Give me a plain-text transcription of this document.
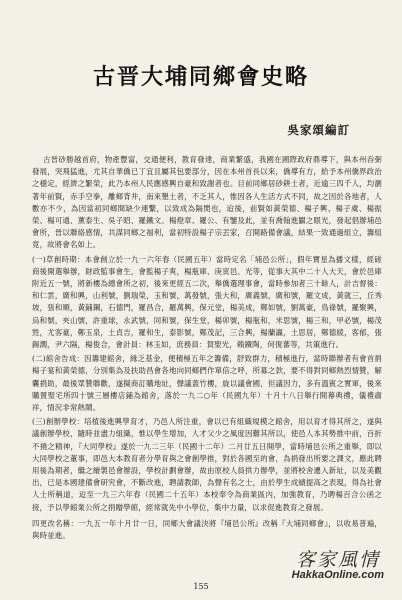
古晋大埔同鄉會史略
吳家頌編訂

古晉砂勝越首府，物產豐富，交通便利，教育發達，商業繁盛，我國在國際政府鼎導下，與本州吞弼發展，突飛猛進，尤其自華僑已丁宜且屬其包要部分，因在本州首長以來，僑導有方，給予本州僑界政治之穩定，經濟之繁榮，此乃本州人民應感興自豪和致謝者也。目前同鄉居砂耕土者，近逾三四千人，均瀏著年前賢，赤手空拳，離鄉背井，南來墾土者，不乏其人，惟因各人生活方式不同，故之因於各地者，人數亦不少，為因當初同鄉間缺少連繫，以致成為隔閡也，迨後，前賢如黃榮德、楊子興、楊子虞、楊振榮、楊可通、薰泰生、吳子昭、羅鐵文、楊燈章、羅公、有鑒及此，並有喬翰進闢之眼光，發起倡辦埔邑會所，晉以聯絡感情，共謀同鄉之福利，當初特設楊子宗丟家，召開路備會議，結果一致通過組立，籌組竟，故將會名如上。

(一)草創時期：本會創立於一九一六年春（民國五年）當時定名「埔邑公所」，假年寶星為播文樣，經磋商後開選舉辦，財政監事會生，會監楊子爽，楊瓶庫、庚寅邑、光等，從事大其中二十人大天，會於邑庫附近五一號，將新樓為總會所之初，後來更經五二次，舉僑選理事會，當時參加者三十餘人，計吉督後：和仁雲，廣和興，山利號，劉瑞榮，玉和號，萬發號，張大和，廣義號，廣和號，羅文成，黃就三，丘秀坡，張和順，黃鋪鋼，石德門，羅昌合，羅萬興，保元堂，楊美成，鄭如號，劉萬豪，鳥祿號，羅聚興，烏和號，夾山號，許重球，永武號，同和號，保生堂，楊卯號，楊瓶和，米思號，楊三和，甲必號，楊茂甡，尤客豪，鄭玉泉，土貞吉，羅和生，泰影號，鄭茂記，三合興，楊蘭瀛，土思居，鄭德綾，客郁，張錫潤，尹六隔，楊俊合，會計員：林玉如，庶務員：賀聖光，賴鐵陶，何復蕃等，共策進行。

(二)館舍告成：因籌建館舍，緣乏基金，便積極五年之籌備，舒致群力，積極進行，當時聯辦者有會首捐楊子宴和黃榮德，分別集為及扶助昌會各地向同鄉們作單倍之呼，所募之款，要不得對同鄉熱烈情贊，解囊捐助，最後眾贊聯歡，遂擬商訂購地址，聲議蓋竹樓，旋以議會國，但議因力，多有溫賓之實軍，後來購置聖宅所四十號三層樓店鋪為館舍，落於一九二○年（民國九年）十月十八日舉行開幕典禮，儀禮肅祥，情況非常熱鬧。

(三)創辦學校：培植後進興學育才，乃邑人所注重，會以已有組織規模之館舍，用以育才得其所之，遂與議創辦學校，隨時並盡力組織，惟以學生增加，人才父少之風度因難其所以，使邑人本其勢推中前，百折不撓之精神，『大同學校』遂於一九二三年（民國十二年）二月廿五日開學，當時埔邑公所之重舉，即以大同學校之董事，即邑大本教育者分學育與之會創學推，對於各國至的會，為捐發出所要之課文，應此聘用後為期者，繼之繪製邑會辦設，學校計劃會辦，故由原校人員拱力辦學，並將校舍遷入新址，以及美觀出，已是本國建備會研究會，不斷改進，聘請教師，為聲有名之士，由於學生成績提高之表現，得為社會人士所稱道，迨至一九三六年春（民國二十五年）本校奉令為商業區內，加強教育，乃聘楊百合公函之接，予以學館業公所之捐贈學館，經常就先中小學位，集中力量，以求促進教育之發展。

四更改名稱：一九五一年十月廿一日，同鄉大會議決將『埔邑公所』改稱『大埔同鄉會』，以收易普遍，與時並進。

客家風情
HakkaOnline.com
155
